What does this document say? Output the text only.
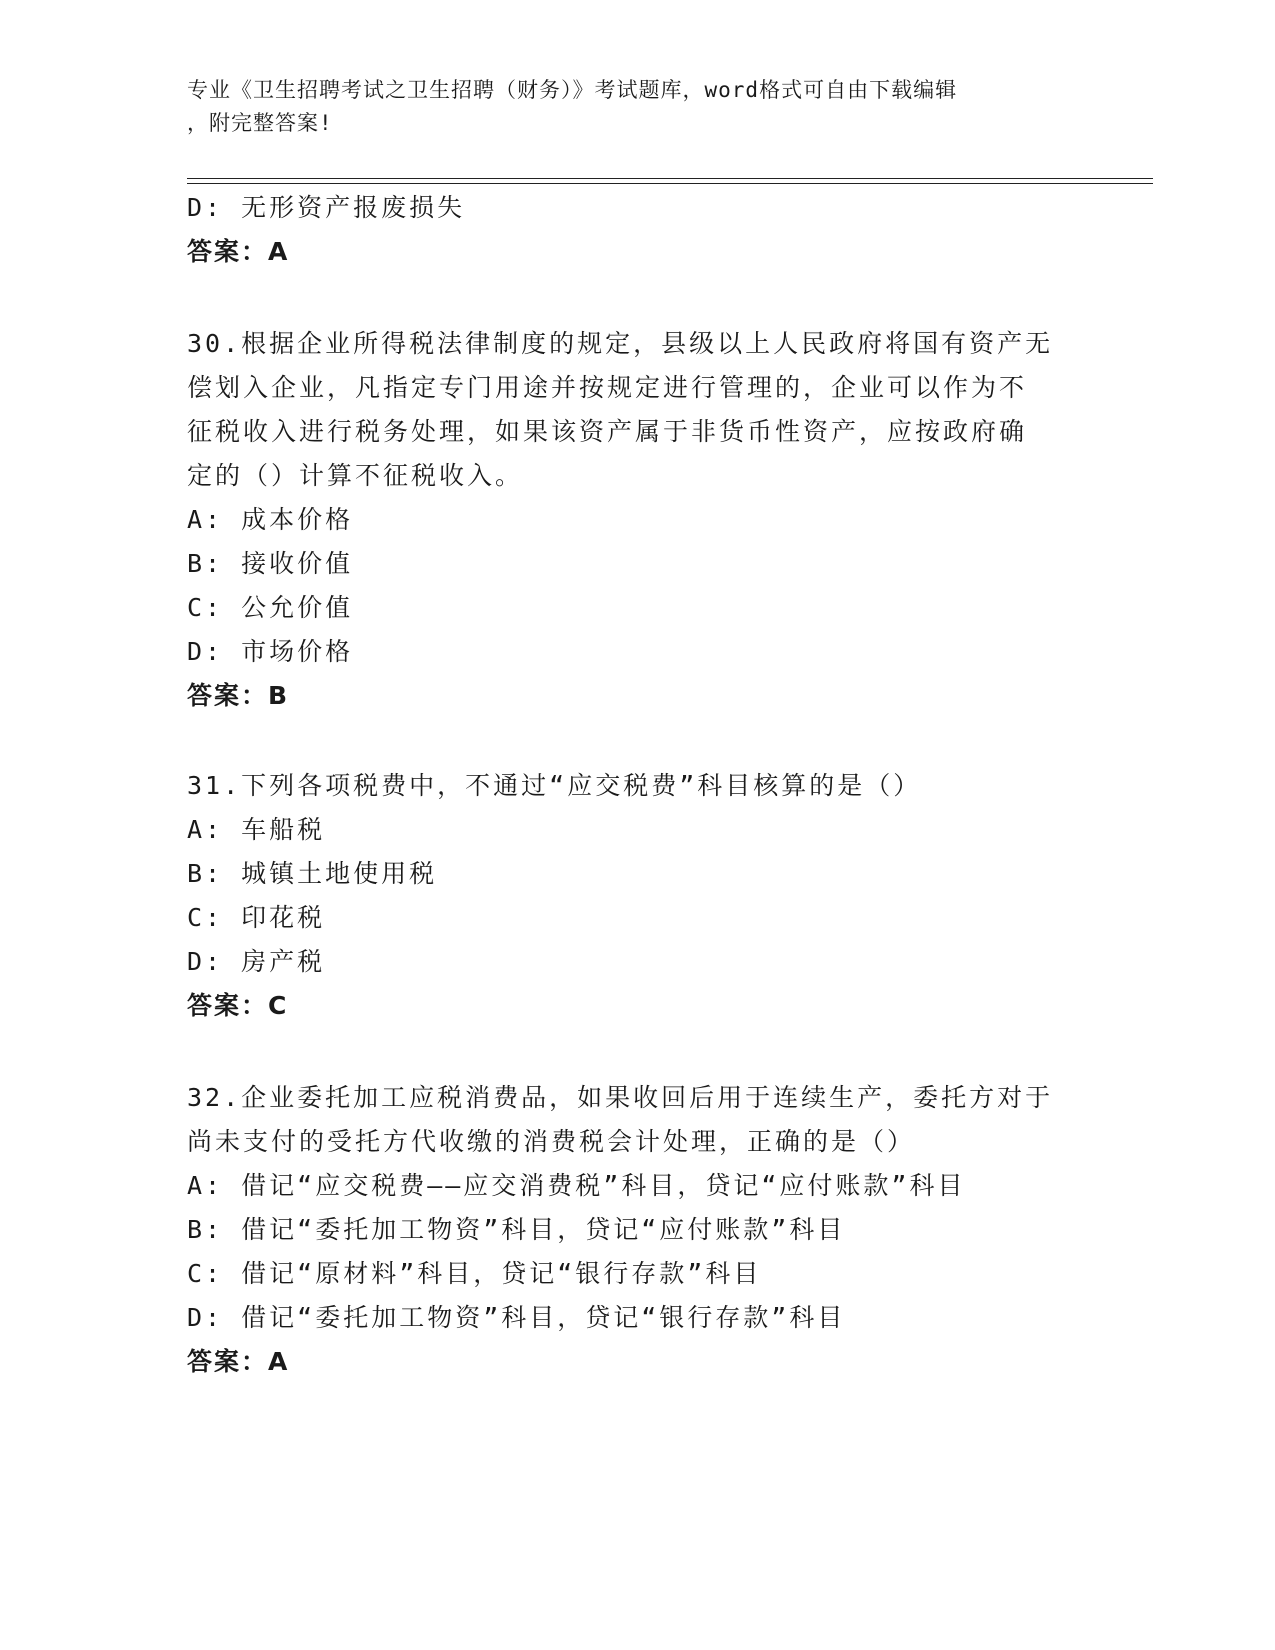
专业《卫生招聘考试之卫生招聘（财务）》考试题库，word格式可自由下载编辑
，附完整答案!
D: 无形资产报废损失
答案：A
30.根据企业所得税法律制度的规定，县级以上人民政府将国有资产无
偿划入企业，凡指定专门用途并按规定进行管理的，企业可以作为不
征税收入进行税务处理，如果该资产属于非货币性资产，应按政府确
定的（）计算不征税收入。
A: 成本价格
B: 接收价值
C: 公允价值
D: 市场价格
答案：B
31.下列各项税费中，不通过“应交税费”科目核算的是（）
A: 车船税
B: 城镇土地使用税
C: 印花税
D: 房产税
答案：C
32.企业委托加工应税消费品，如果收回后用于连续生产，委托方对于
尚未支付的受托方代收缴的消费税会计处理，正确的是（）
A: 借记“应交税费——应交消费税”科目，贷记“应付账款”科目
B: 借记“委托加工物资”科目，贷记“应付账款”科目
C: 借记“原材料”科目，贷记“银行存款”科目
D: 借记“委托加工物资”科目，贷记“银行存款”科目
答案：A
